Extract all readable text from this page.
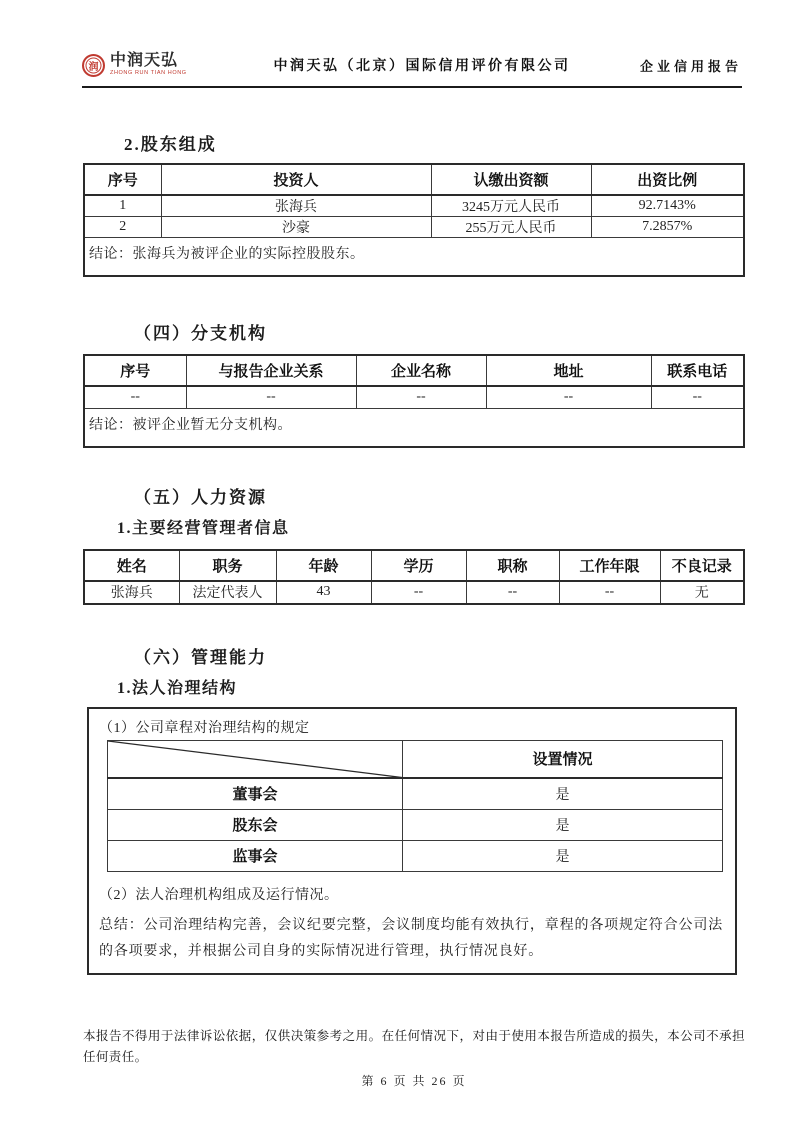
润 中润天弘
ZHONG RUN TIAN HONG	中润天弘（北京）国际信用评价有限公司	企业信用报告
2.股东组成
序号	投资人	认缴出资额	出资比例
1	张海兵	3245万元人民币	92.7143%
2	沙豪	255万元人民币	7.2857%
结论：张海兵为被评企业的实际控股股东。			
（四）分支机构
序号	与报告企业关系	企业名称	地址	联系电话
--	--	--	--	--
结论：被评企业暂无分支机构。				
（五）人力资源
1.主要经营管理者信息
姓名	职务	年龄	学历	职称	工作年限	不良记录
张海兵	法定代表人	43	--	--	--	无
（六）管理能力
1.法人治理结构
（1）公司章程对治理结构的规定
	设置情况
董事会	是
股东会	是
监事会	是
（2）法人治理机构组成及运行情况。
总结：公司治理结构完善，会议纪要完整，会议制度均能有效执行，章程的各项规定符合公司法的各项要求，并根据公司自身的实际情况进行管理，执行情况良好。
本报告不得用于法律诉讼依据，仅供决策参考之用。在任何情况下，对由于使用本报告所造成的损失，本公司不承担任何责任。
第 6 页 共 26 页
